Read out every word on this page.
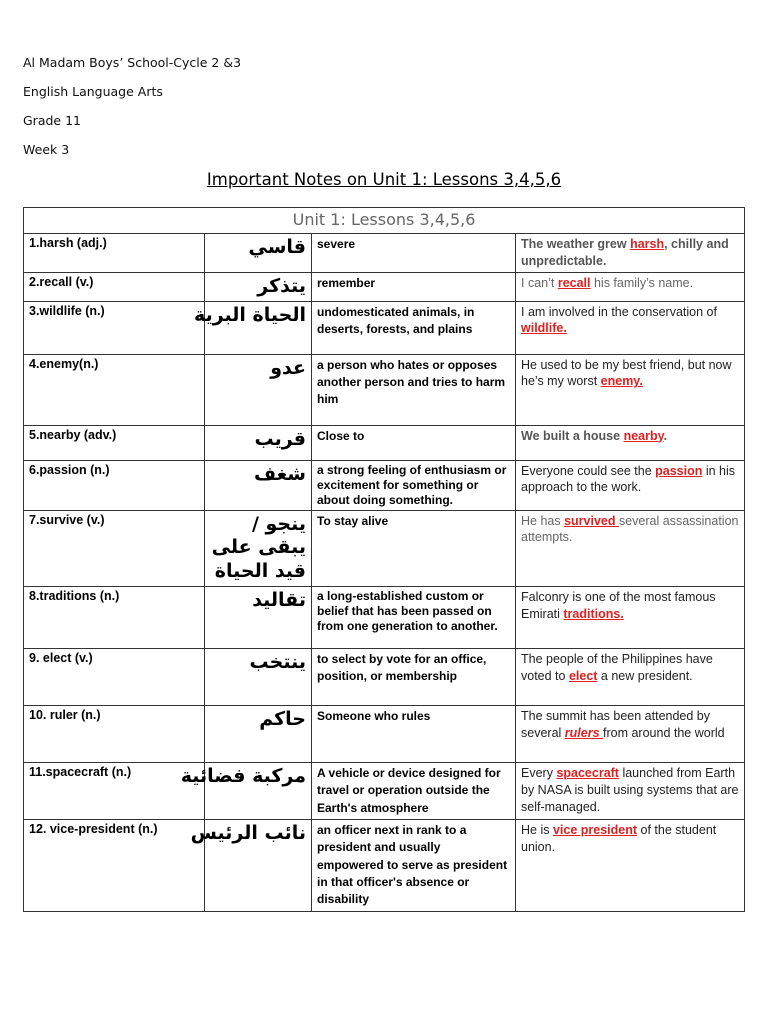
Al Madam Boys’ School-Cycle 2 &3
English Language Arts
Grade 11
Week 3
Important Notes on Unit 1: Lessons 3,4,5,6
Unit 1: Lessons 3,4,5,6			
1.harsh (adj.)	قاسي	severe	The weather grew harsh, chilly and unpredictable.
2.recall (v.)	يتذكر	remember	I can’t recall his family’s name.
3.wildlife (n.)	الحياة البرية	undomesticated animals, in deserts, forests, and plains	I am involved in the conservation of wildlife.
4.enemy(n.)	عدو	a person who hates or opposes another person and tries to harm him	He used to be my best friend, but now he’s my worst enemy.
5.nearby (adv.)	قريب	Close to	We built a house nearby.
6.passion (n.)	شغف	a strong feeling of enthusiasm or excitement for something or about doing something.	Everyone could see the passion in his approach to the work.
7.survive (v.)	ينجو / يبقى على قيد الحياة	To stay alive	He has survived several assassination attempts.
8.traditions (n.)	تقاليد	a long-established custom or belief that has been passed on from one generation to another.	Falconry is one of the most famous Emirati traditions.
9. elect (v.)	ينتخب	to select by vote for an office, position, or membership	The people of the Philippines have voted to elect a new president.
10. ruler (n.)	حاكم	Someone who rules	The summit has been attended by several rulers from around the world
11.spacecraft (n.)	مركبة فضائية	A vehicle or device designed for travel or operation outside the Earth's atmosphere	Every spacecraft launched from Earth by NASA is built using systems that are self-managed.
12. vice-president (n.)	نائب الرئيس	an officer next in rank to a president and usually empowered to serve as president in that officer's absence or disability	He is vice president of the student union.
